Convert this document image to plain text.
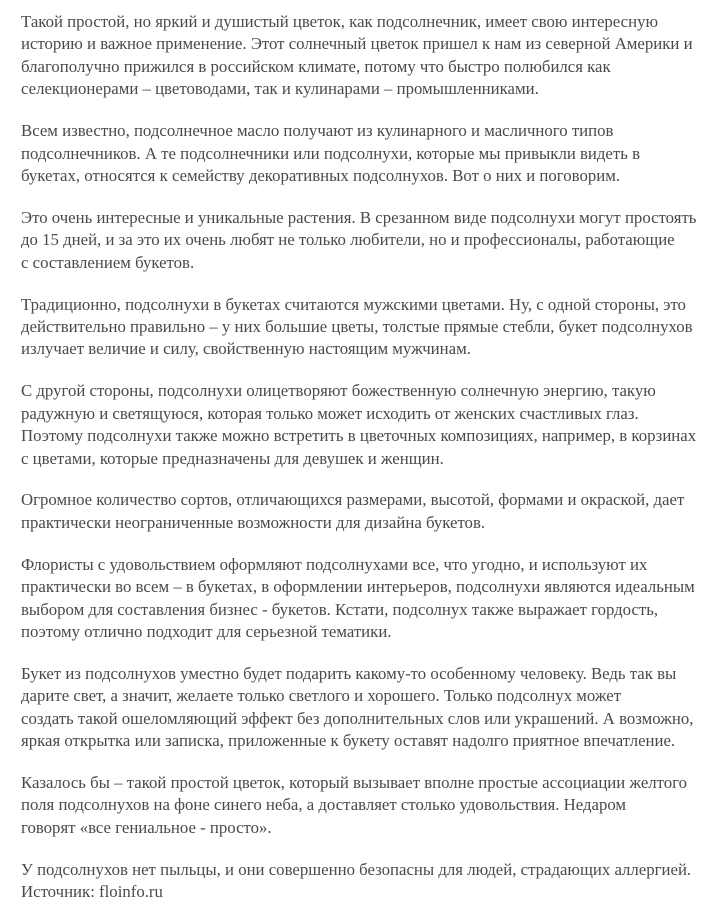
Такой простой, но яркий и душистый цветок, как подсолнечник, имеет свою интересную
историю и важное применение. Этот солнечный цветок пришел к нам из северной Америки и
благополучно прижился в российском климате, потому что быстро полюбился как
селекционерами – цветоводами, так и кулинарами – промышленниками.

Всем известно, подсолнечное масло получают из кулинарного и масличного типов
подсолнечников. А те подсолнечники или подсолнухи, которые мы привыкли видеть в
букетах, относятся к семейству декоративных подсолнухов. Вот о них и поговорим.

Это очень интересные и уникальные растения. В срезанном виде подсолнухи могут простоять
до 15 дней, и за это их очень любят не только любители, но и профессионалы, работающие
с составлением букетов.

Традиционно, подсолнухи в букетах считаются мужскими цветами. Ну, с одной стороны, это
действительно правильно – у них большие цветы, толстые прямые стебли, букет подсолнухов
излучает величие и силу, свойственную настоящим мужчинам.

С другой стороны, подсолнухи олицетворяют божественную солнечную энергию, такую
радужную и светящуюся, которая только может исходить от женских счастливых глаз.
Поэтому подсолнухи также можно встретить в цветочных композициях, например, в корзинах
с цветами, которые предназначены для девушек и женщин.

Огромное количество сортов, отличающихся размерами, высотой, формами и окраской, дает
практически неограниченные возможности для дизайна букетов.

Флористы с удовольствием оформляют подсолнухами все, что угодно, и используют их
практически во всем – в букетах, в оформлении интерьеров, подсолнухи являются идеальным
выбором для составления бизнес - букетов. Кстати, подсолнух также выражает гордость,
поэтому отлично подходит для серьезной тематики.

Букет из подсолнухов уместно будет подарить какому-то особенному человеку. Ведь так вы
дарите свет, а значит, желаете только светлого и хорошего. Только подсолнух может
создать такой ошеломляющий эффект без дополнительных слов или украшений. А возможно,
яркая открытка или записка, приложенные к букету оставят надолго приятное впечатление.

Казалось бы – такой простой цветок, который вызывает вполне простые ассоциации желтого
поля подсолнухов на фоне синего неба, а доставляет столько удовольствия. Недаром
говорят «все гениальное - просто».

У подсолнухов нет пыльцы, и они совершенно безопасны для людей, страдающих аллергией.
Источник: floinfo.ru
